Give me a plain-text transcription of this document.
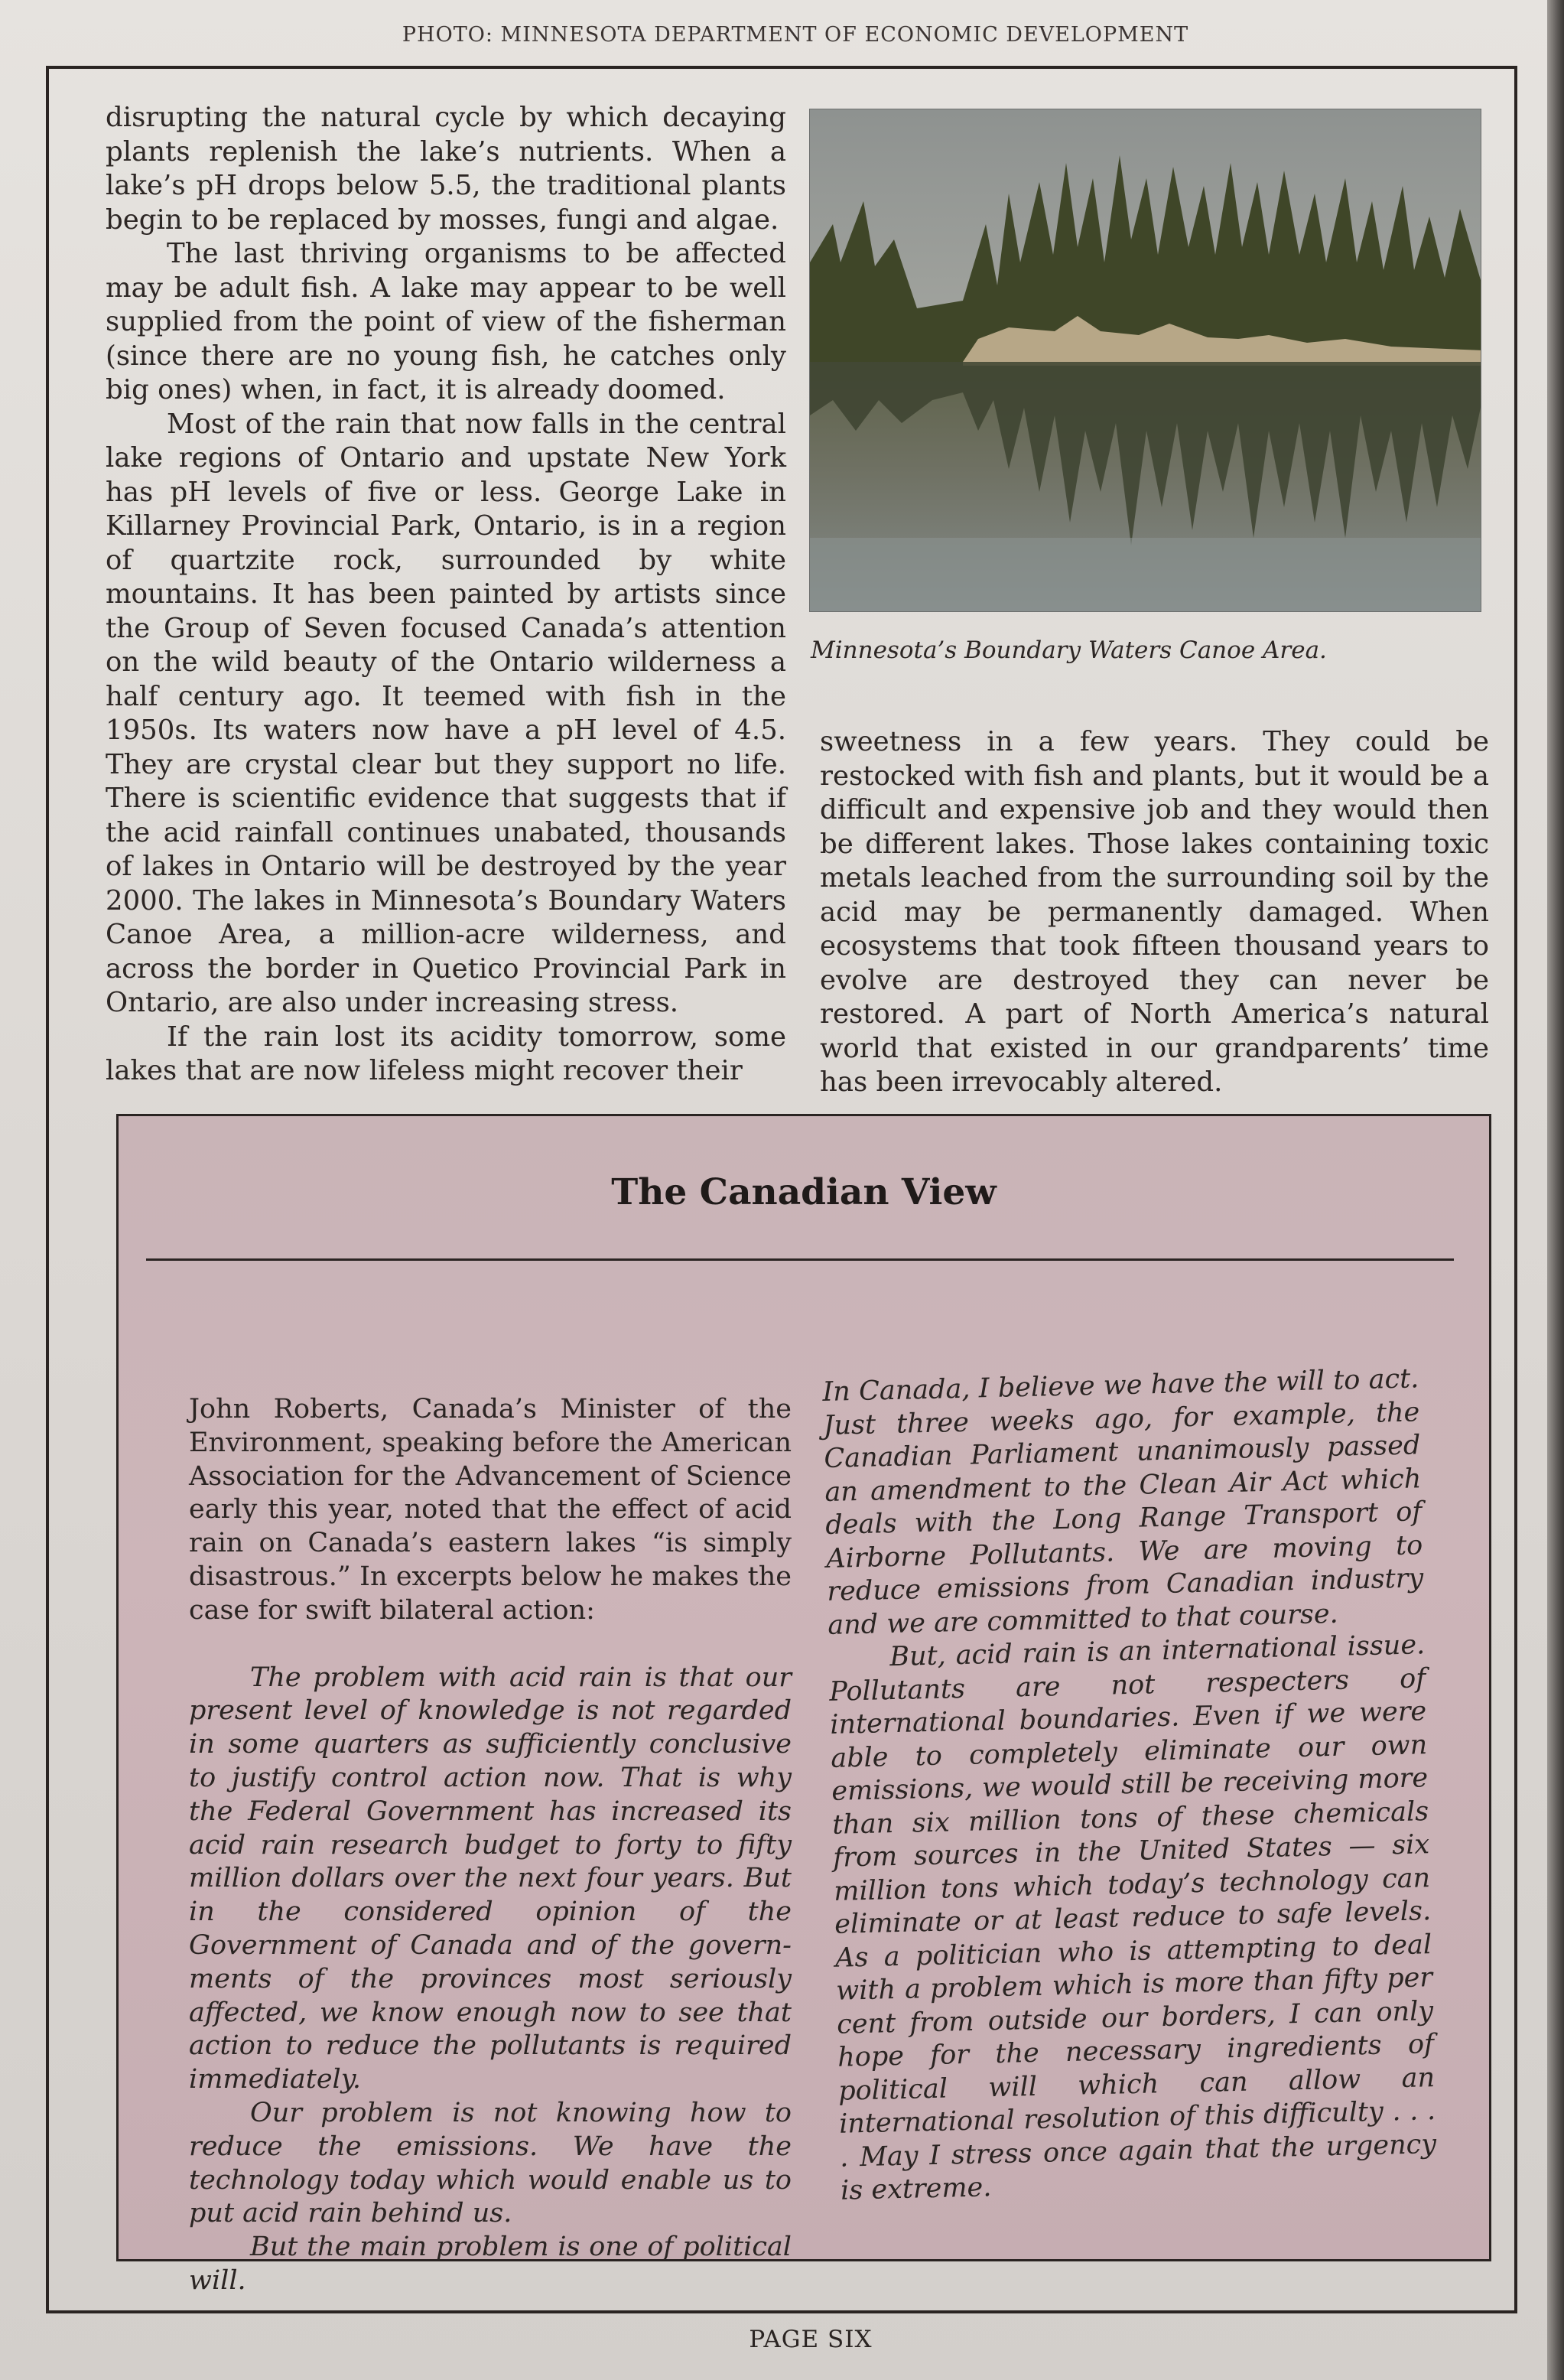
PHOTO: MINNESOTA DEPARTMENT OF ECONOMIC DEVELOPMENT

disrupting the natural cycle by which decaying plants replenish the lake’s nutrients. When a lake’s pH drops below 5.5, the traditional plants begin to be replaced by mosses, fungi and algae.

The last thriving organisms to be affected may be adult fish. A lake may appear to be well supplied from the point of view of the fisherman (since there are no young fish, he catches only big ones) when, in fact, it is already doomed.

Most of the rain that now falls in the central lake regions of Ontario and upstate New York has pH levels of five or less. George Lake in Killarney Provincial Park, Ontario, is in a region of quartzite rock, surrounded by white mountains. It has been painted by artists since the Group of Seven focused Canada’s attention on the wild beauty of the Ontario wilderness a half century ago. It teemed with fish in the 1950s. Its waters now have a pH level of 4.5. They are crystal clear but they support no life. There is scientific evidence that suggests that if the acid rainfall continues unabated, thousands of lakes in Ontario will be destroyed by the year 2000. The lakes in Minnesota’s Boundary Waters Canoe Area, a million-acre wilderness, and across the border in Quetico Provincial Park in Ontario, are also under increasing stress.

If the rain lost its acidity tomorrow, some lakes that are now lifeless might recover their

Minnesota’s Boundary Waters Canoe Area.

sweetness in a few years. They could be restocked with fish and plants, but it would be a difficult and expensive job and they would then be different lakes. Those lakes containing toxic metals leached from the surrounding soil by the acid may be permanently damaged. When ecosystems that took fifteen thousand years to evolve are destroyed they can never be restored. A part of North America’s natural world that existed in our grandparents’ time has been irrevocably altered.

The Canadian View

John Roberts, Canada’s Minister of the Environment, speaking before the American Association for the Advancement of Science early this year, noted that the effect of acid rain on Canada’s eastern lakes “is simply disastrous.” In excerpts below he makes the case for swift bilateral action:

The problem with acid rain is that our present level of knowledge is not regarded in some quarters as sufficiently conclusive to justify control action now. That is why the Federal Government has increased its acid rain research budget to forty to fifty million dollars over the next four years. But in the considered opinion of the Government of Canada and of the governments of the provinces most seriously affected, we know enough now to see that action to reduce the pollutants is required immediately.

Our problem is not knowing how to reduce the emissions. We have the technology today which would enable us to put acid rain behind us.

But the main problem is one of political will.

In Canada, I believe we have the will to act. Just three weeks ago, for example, the Canadian Parliament unanimously passed an amendment to the Clean Air Act which deals with the Long Range Transport of Airborne Pollutants. We are moving to reduce emissions from Canadian industry and we are committed to that course.

But, acid rain is an international issue. Pollutants are not respecters of international boundaries. Even if we were able to completely eliminate our own emissions, we would still be receiving more than six million tons of these chemicals from sources in the United States — six million tons which today’s technology can eliminate or at least reduce to safe levels. As a politician who is attempting to deal with a problem which is more than fifty per cent from outside our borders, I can only hope for the necessary ingredients of political will which can allow an international resolution of this difficulty . . . . May I stress once again that the urgency is extreme.

PAGE SIX
